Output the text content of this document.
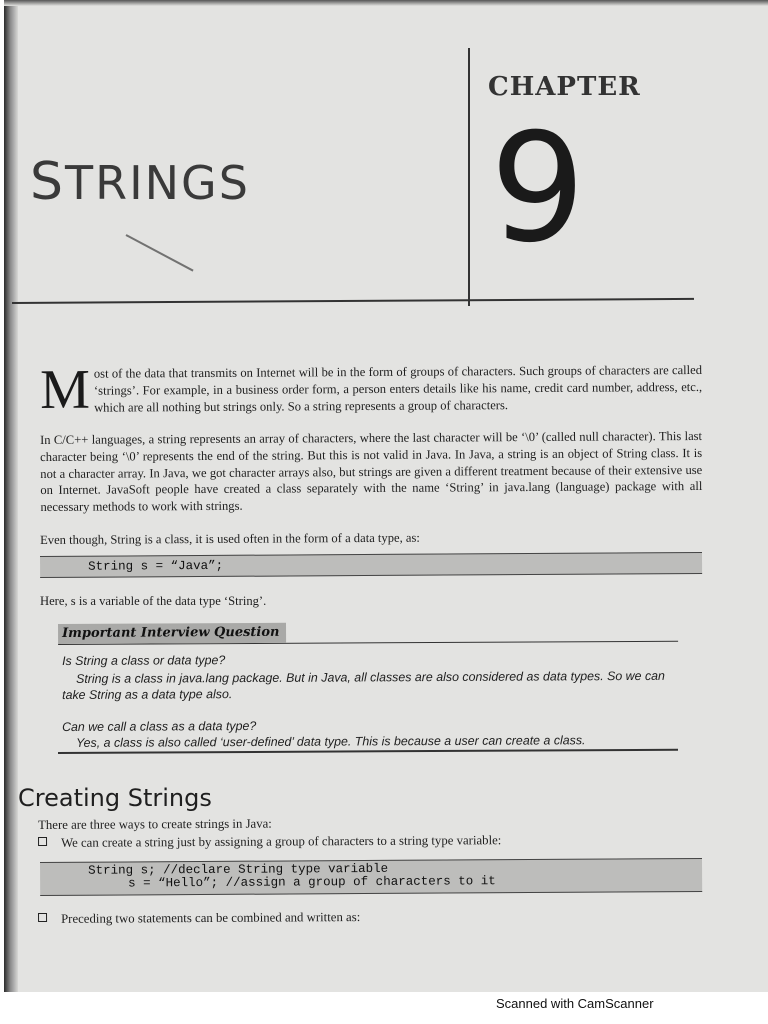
CHAPTER
9
STRINGS
Most of the data that transmits on Internet will be in the form of groups of characters. Such groups of characters are called ‘strings’. For example, in a business order form, a person enters details like his name, credit card number, address, etc., which are all nothing but strings only. So a string represents a group of characters.
In C/C++ languages, a string represents an array of characters, where the last character will be ‘\0’ (called null character). This last character being ‘\0’ represents the end of the string. But this is not valid in Java. In Java, a string is an object of String class. It is not a character array. In Java, we got character arrays also, but strings are given a different treatment because of their extensive use on Internet. JavaSoft people have created a class separately with the name ‘String’ in java.lang (language) package with all necessary methods to work with strings.
Even though, String is a class, it is used often in the form of a data type, as:
String s = “Java”;
Here, s is a variable of the data type ‘String’.
Important Interview Question
Is String a class or data type?
String is a class in java.lang package. But in Java, all classes are also considered as data types. So we can take String as a data type also.
Can we call a class as a data type?
Yes, a class is also called ‘user-defined’ data type. This is because a user can create a class.
Creating Strings
There are three ways to create strings in Java:
We can create a string just by assigning a group of characters to a string type variable:
String s; //declare String type variable
s = “Hello”; //assign a group of characters to it
Preceding two statements can be combined and written as:
Scanned with CamScanner
